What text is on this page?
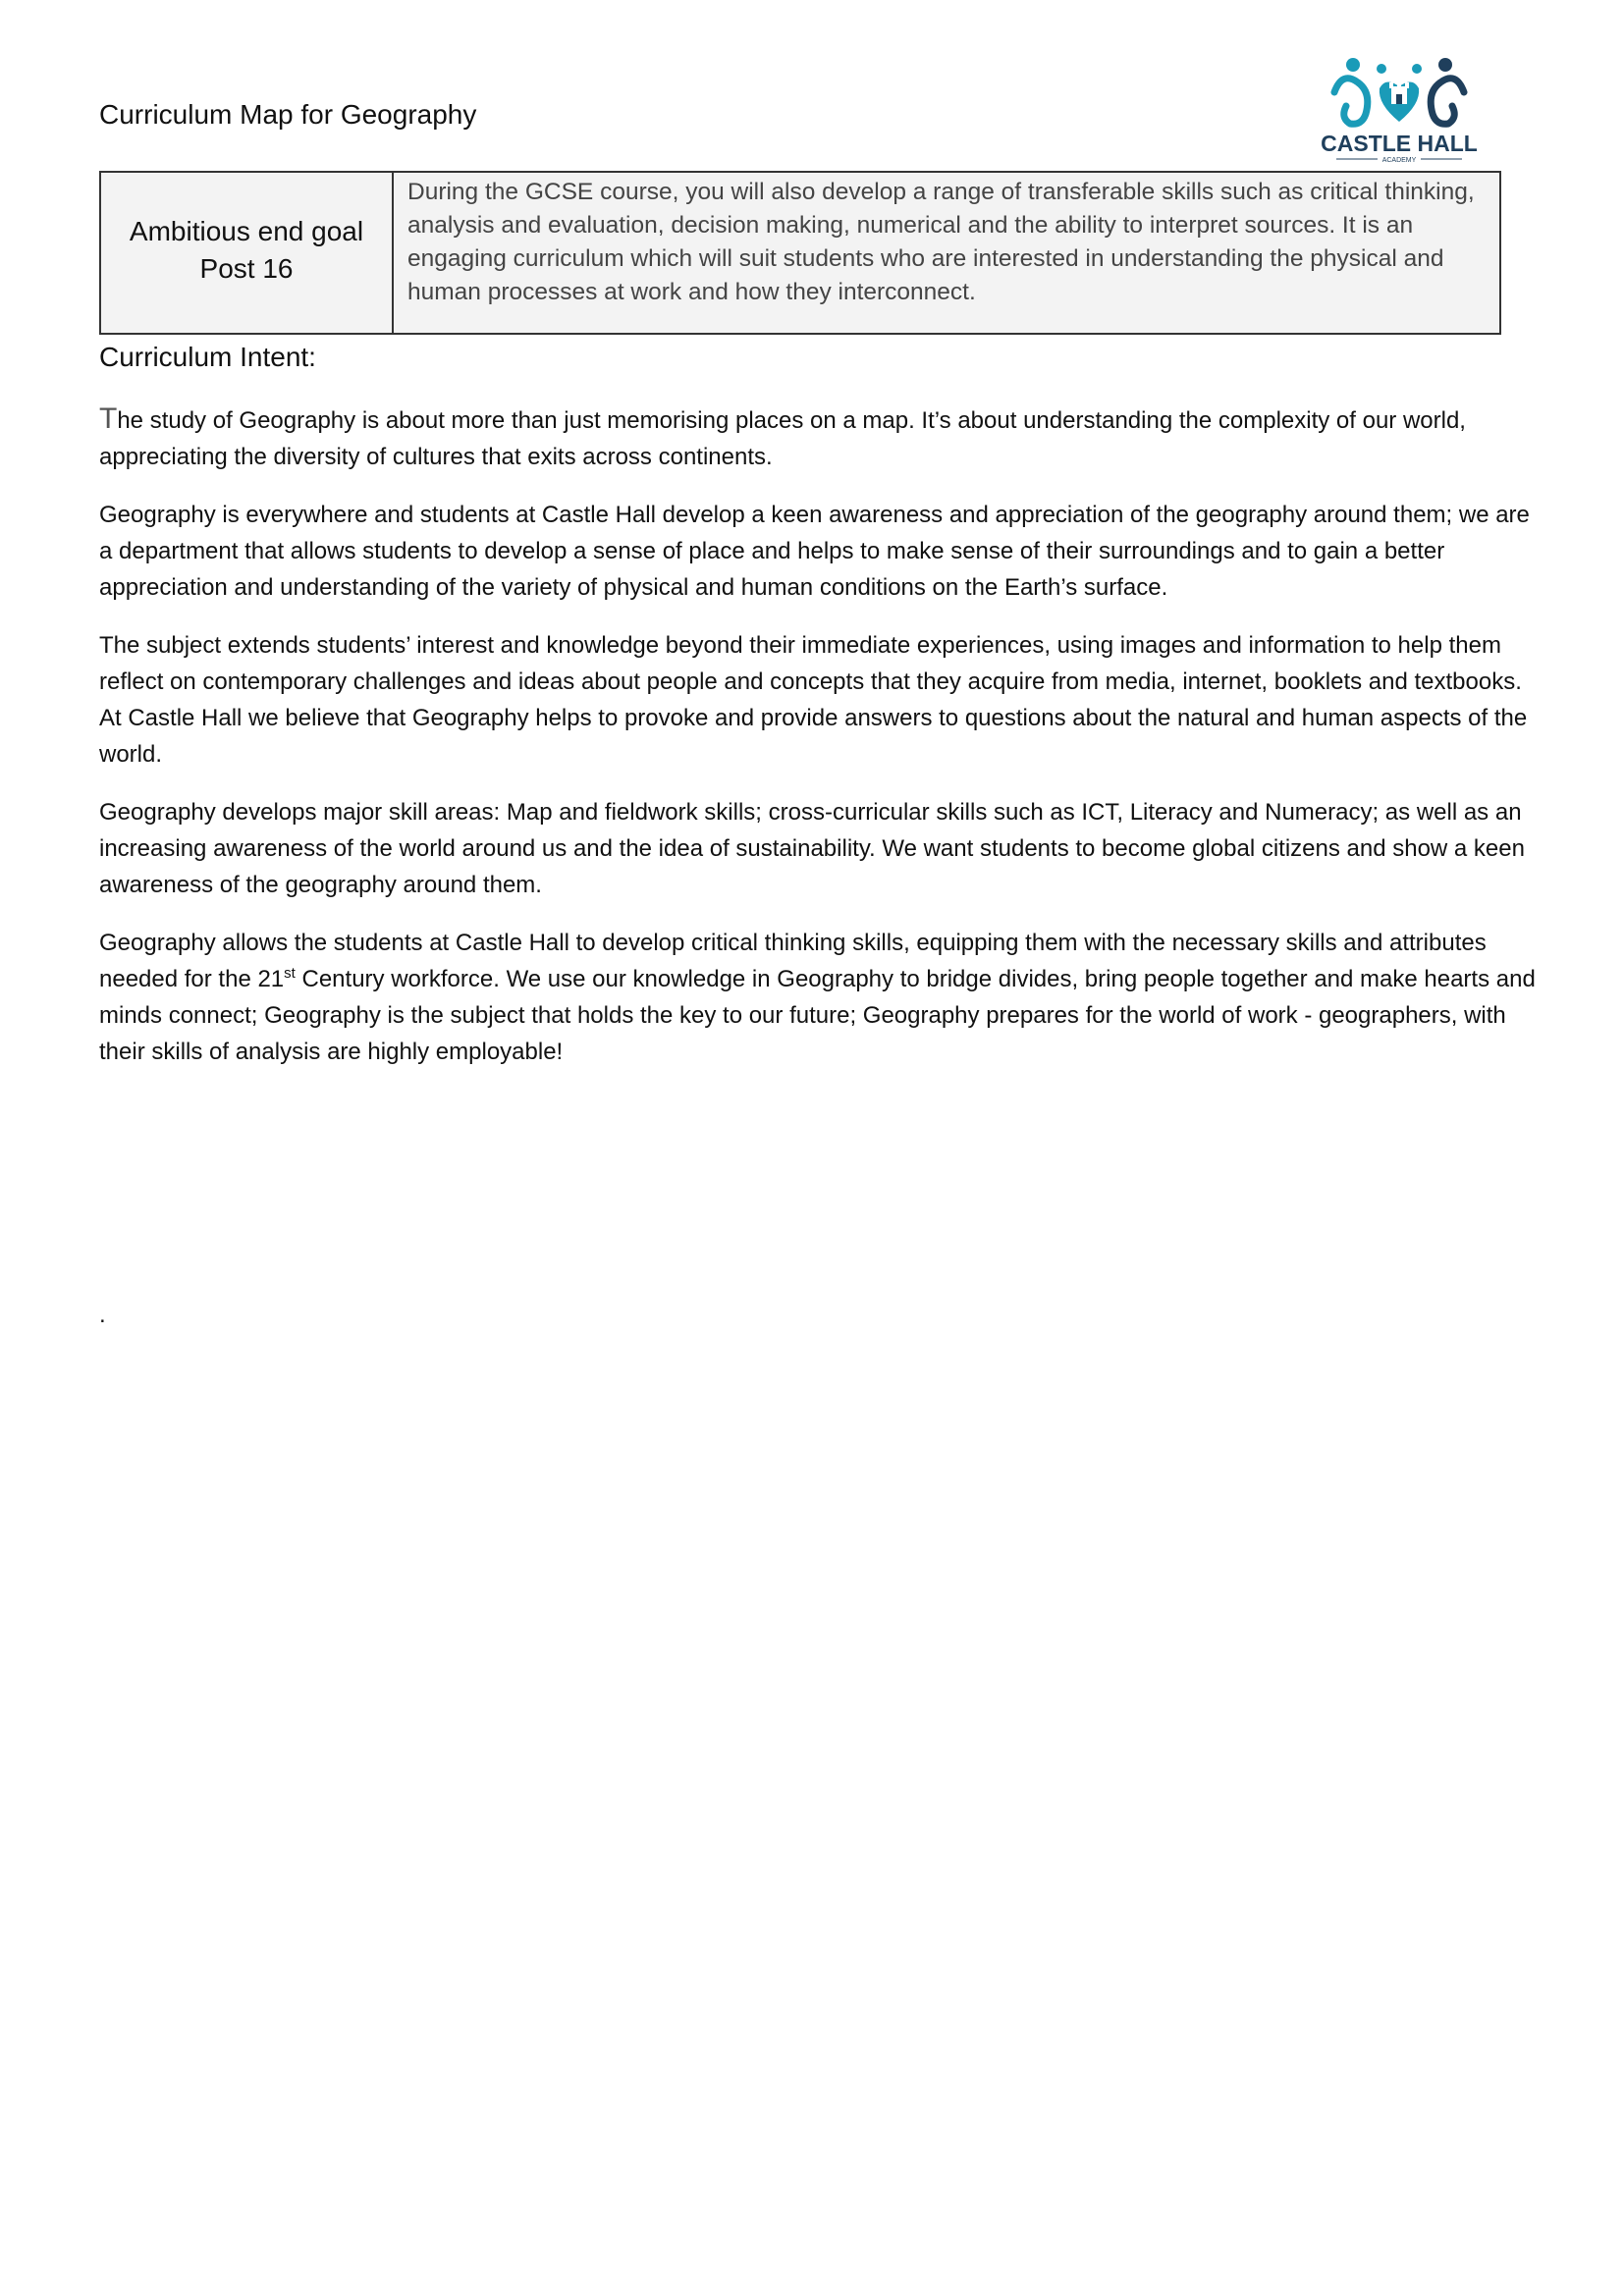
Curriculum Map for Geography
CASTLE HALL
ACADEMY
Ambitious end goal
Post 16
During the GCSE course, you will also develop a range of transferable skills such as critical thinking, analysis and evaluation, decision making, numerical and the ability to interpret sources. It is an engaging curriculum which will suit students who are interested in understanding the physical and human processes at work and how they interconnect.
Curriculum Intent:

The study of Geography is about more than just memorising places on a map. It’s about understanding the complexity of our world, appreciating the diversity of cultures that exits across continents.

Geography is everywhere and students at Castle Hall develop a keen awareness and appreciation of the geography around them; we are a department that allows students to develop a sense of place and helps to make sense of their surroundings and to gain a better appreciation and understanding of the variety of physical and human conditions on the Earth’s surface.

The subject extends students’ interest and knowledge beyond their immediate experiences, using images and information to help them reflect on contemporary challenges and ideas about people and concepts that they acquire from media, internet, booklets and textbooks. At Castle Hall we believe that Geography helps to provoke and provide answers to questions about the natural and human aspects of the world.

Geography develops major skill areas: Map and fieldwork skills; cross-curricular skills such as ICT, Literacy and Numeracy; as well as an increasing awareness of the world around us and the idea of sustainability. We want students to become global citizens and show a keen awareness of the geography around them.

Geography allows the students at Castle Hall to develop critical thinking skills, equipping them with the necessary skills and attributes needed for the 21st Century workforce. We use our knowledge in Geography to bridge divides, bring people together and make hearts and minds connect; Geography is the subject that holds the key to our future; Geography prepares for the world of work - geographers, with their skills of analysis are highly employable!

.
